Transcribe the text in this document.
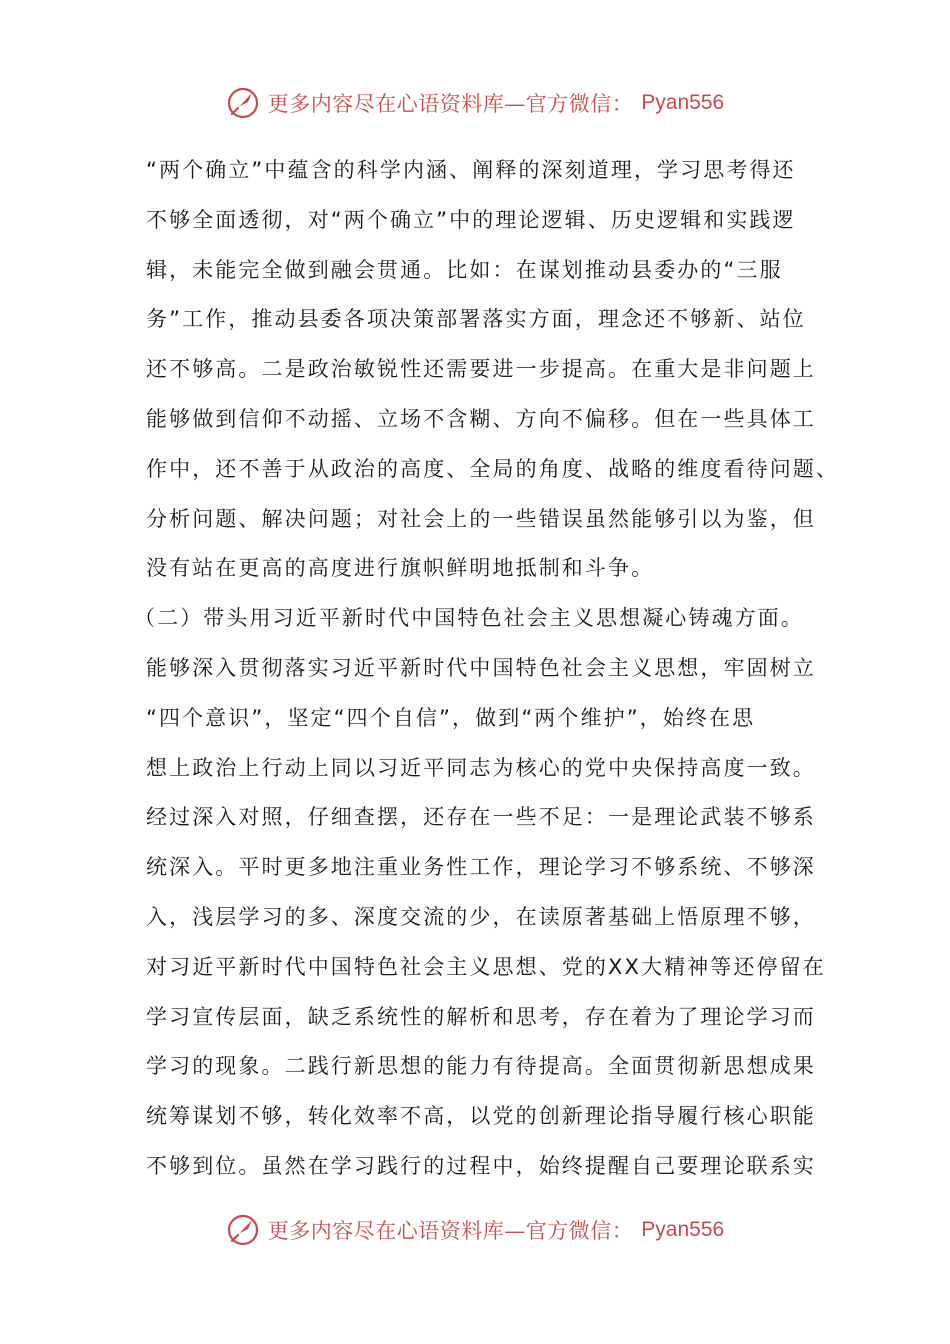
更多内容尽在心语资料库—官方微信： Pyan556
“两个确立”中蕴含的科学内涵、阐释的深刻道理，学习思考得还
不够全面透彻，对“两个确立”中的理论逻辑、历史逻辑和实践逻
辑，未能完全做到融会贯通。比如：在谋划推动县委办的“三服
务”工作，推动县委各项决策部署落实方面，理念还不够新、站位
还不够高。二是政治敏锐性还需要进一步提高。在重大是非问题上
能够做到信仰不动摇、立场不含糊、方向不偏移。但在一些具体工
作中，还不善于从政治的高度、全局的角度、战略的维度看待问题、
分析问题、解决问题；对社会上的一些错误虽然能够引以为鉴，但
没有站在更高的高度进行旗帜鲜明地抵制和斗争。
（二）带头用习近平新时代中国特色社会主义思想凝心铸魂方面。
能够深入贯彻落实习近平新时代中国特色社会主义思想，牢固树立
“四个意识”，坚定“四个自信”，做到“两个维护”，始终在思
想上政治上行动上同以习近平同志为核心的党中央保持高度一致。
经过深入对照，仔细查摆，还存在一些不足：一是理论武装不够系
统深入。平时更多地注重业务性工作，理论学习不够系统、不够深
入，浅层学习的多、深度交流的少，在读原著基础上悟原理不够，
对习近平新时代中国特色社会主义思想、党的XX大精神等还停留在
学习宣传层面，缺乏系统性的解析和思考，存在着为了理论学习而
学习的现象。二践行新思想的能力有待提高。全面贯彻新思想成果
统筹谋划不够，转化效率不高，以党的创新理论指导履行核心职能
不够到位。虽然在学习践行的过程中，始终提醒自己要理论联系实
更多内容尽在心语资料库—官方微信： Pyan556
